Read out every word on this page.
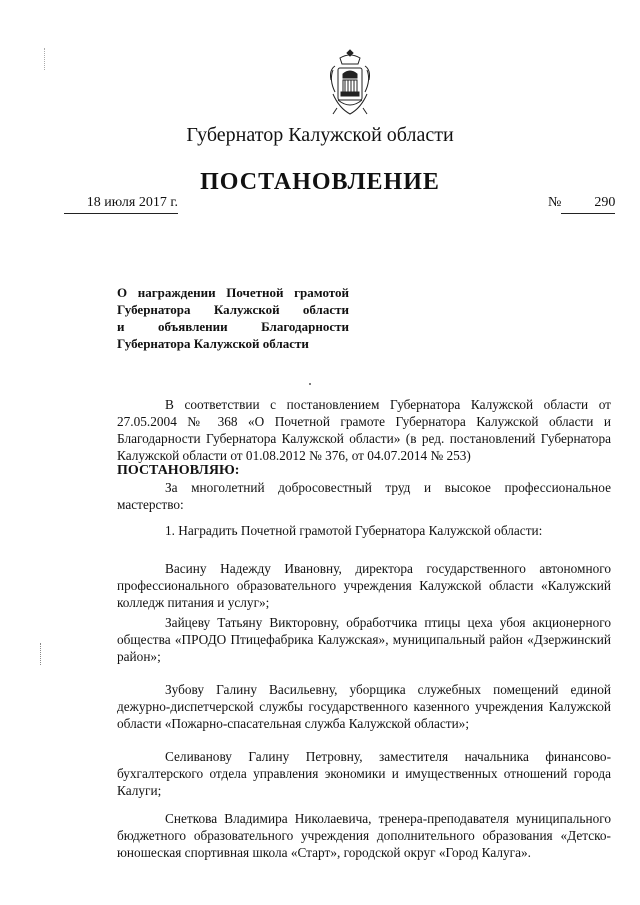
Губернатор Калужской области
ПОСТАНОВЛЕНИЕ
18 июля 2017 г.	№ 290
О награждении Почетной грамотой
Губернатора Калужской области
и объявлении Благодарности
Губернатора Калужской области
В соответствии с постановлением Губернатора Калужской области от 27.05.2004 № 368 «О Почетной грамоте Губернатора Калужской области и Благодарности Губернатора Калужской области» (в ред. постановлений Губернатора Калужской области от 01.08.2012 № 376, от 04.07.2014 № 253)
ПОСТАНОВЛЯЮ:
За многолетний добросовестный труд и высокое профессиональное мастерство:
1. Наградить Почетной грамотой Губернатора Калужской области:
Васину Надежду Ивановну, директора государственного автономного профессионального образовательного учреждения Калужской области «Калужский колледж питания и услуг»;
Зайцеву Татьяну Викторовну, обработчика птицы цеха убоя акционерного общества «ПРОДО Птицефабрика Калужская», муниципальный район «Дзержинский район»;
Зубову Галину Васильевну, уборщика служебных помещений единой дежурно-диспетчерской службы государственного казенного учреждения Калужской области «Пожарно-спасательная служба Калужской области»;
Селиванову Галину Петровну, заместителя начальника финансово-бухгалтерского отдела управления экономики и имущественных отношений города Калуги;
Снеткова Владимира Николаевича, тренера-преподавателя муниципального бюджетного образовательного учреждения дополнительного образования «Детско-юношеская спортивная школа «Старт», городской округ «Город Калуга».
